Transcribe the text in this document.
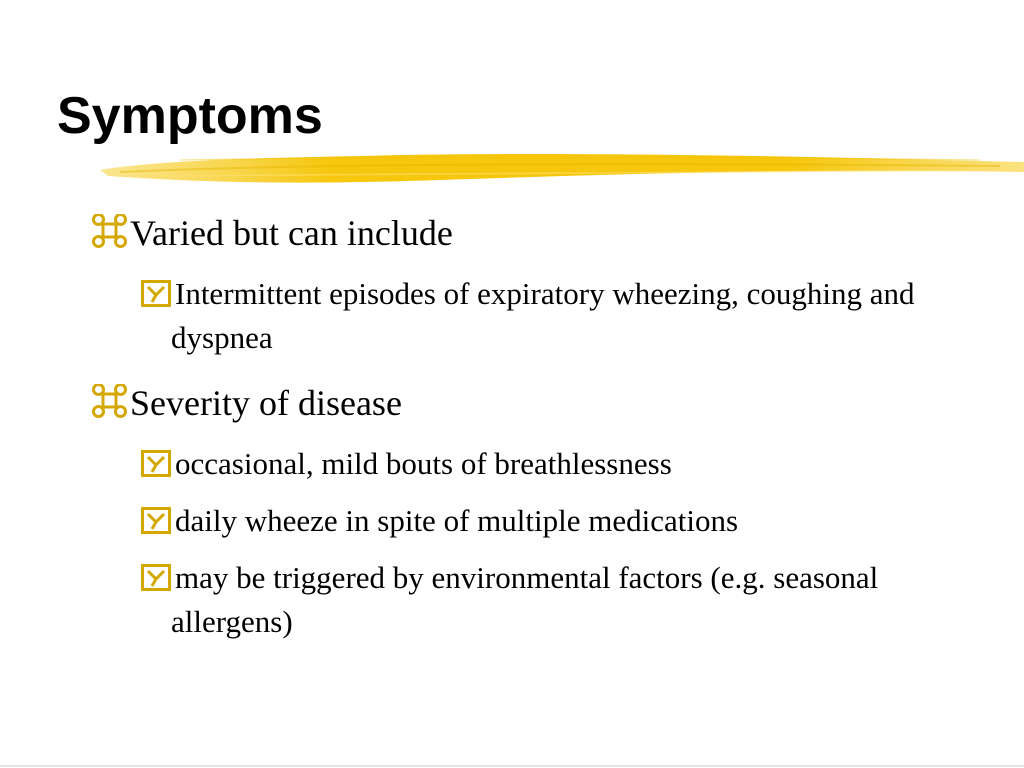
Symptoms
Varied but can include
Intermittent episodes of expiratory wheezing, coughing and dyspnea
Severity of disease
occasional, mild bouts of breathlessness
daily wheeze in spite of multiple medications
may be triggered by environmental factors (e.g. seasonal allergens)
